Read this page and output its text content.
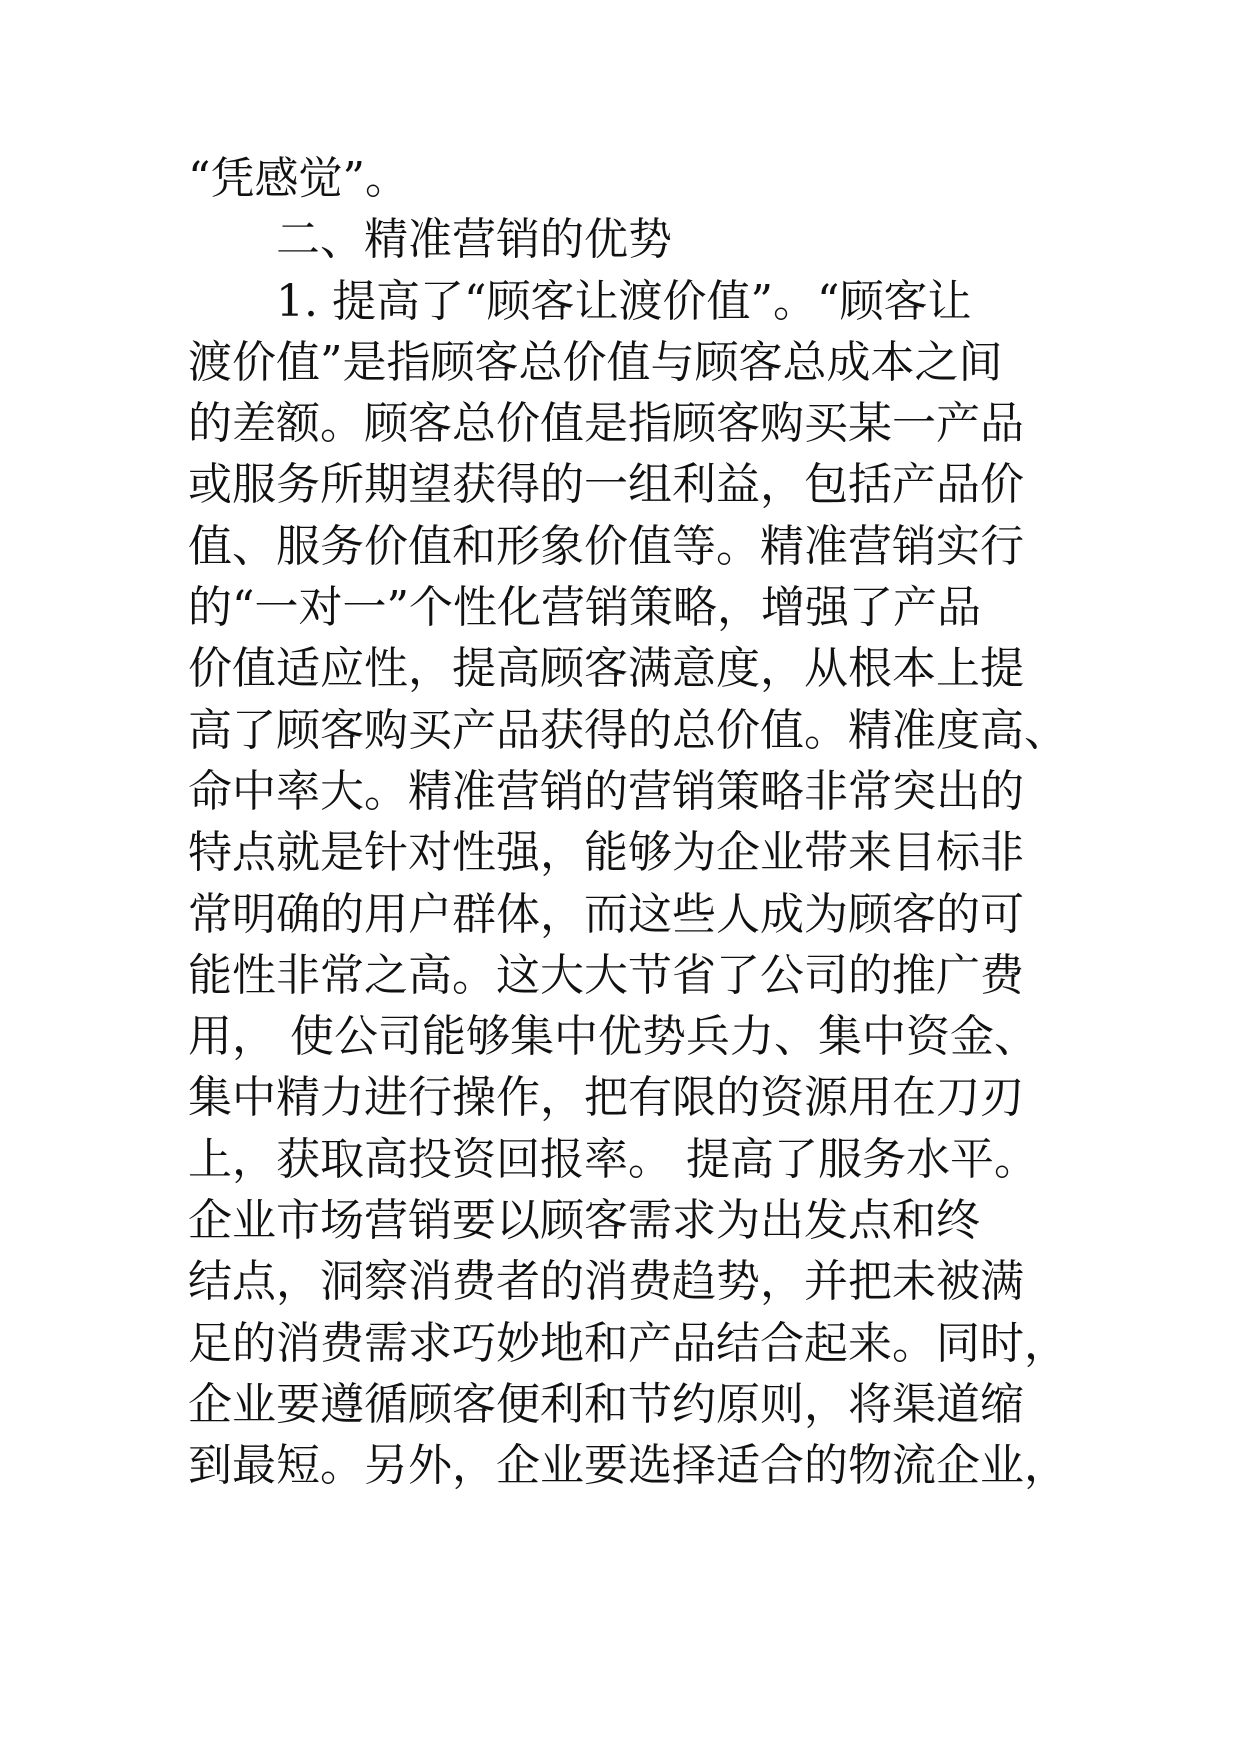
“凭感觉”。
二、精准营销的优势
1. 提高了“顾客让渡价值”。“顾客让
渡价值”是指顾客总价值与顾客总成本之间
的差额。顾客总价值是指顾客购买某一产品
或服务所期望获得的一组利益，包括产品价
值、服务价值和形象价值等。精准营销实行
的“一对一”个性化营销策略，增强了产品
价值适应性，提高顾客满意度，从根本上提
高了顾客购买产品获得的总价值。精准度高、
命中率大。精准营销的营销策略非常突出的
特点就是针对性强，能够为企业带来目标非
常明确的用户群体，而这些人成为顾客的可
能性非常之高。这大大节省了公司的推广费
用， 使公司能够集中优势兵力、集中资金、
集中精力进行操作，把有限的资源用在刀刃
上，获取高投资回报率。 提高了服务水平。
企业市场营销要以顾客需求为出发点和终
结点，洞察消费者的消费趋势，并把未被满
足的消费需求巧妙地和产品结合起来。同时，
企业要遵循顾客便利和节约原则，将渠道缩
到最短。另外，企业要选择适合的物流企业，
